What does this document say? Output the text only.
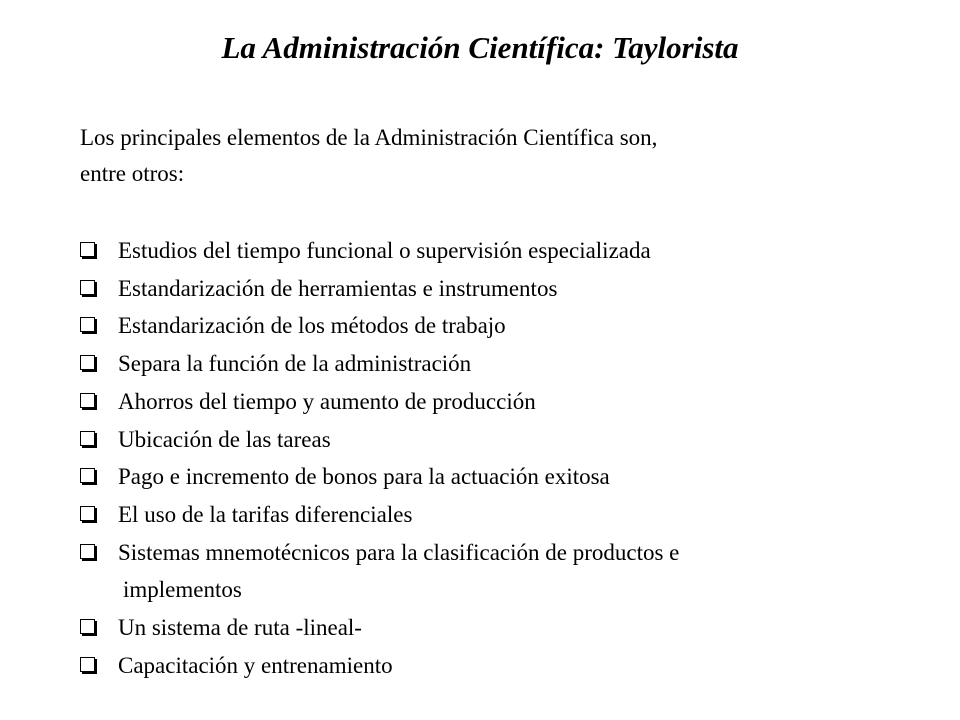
La Administración Científica: Taylorista
Los principales elementos de la Administración Científica son,
entre otros:
Estudios del tiempo funcional o supervisión especializada
Estandarización de herramientas e instrumentos
Estandarización de los métodos de trabajo
Separa la función de la administración
Ahorros del tiempo y aumento de producción
Ubicación de las tareas
Pago e incremento de bonos para la actuación exitosa
El uso de la tarifas diferenciales
Sistemas mnemotécnicos para la clasificación de productos e
implementos
Un sistema de ruta -lineal-
Capacitación y entrenamiento
